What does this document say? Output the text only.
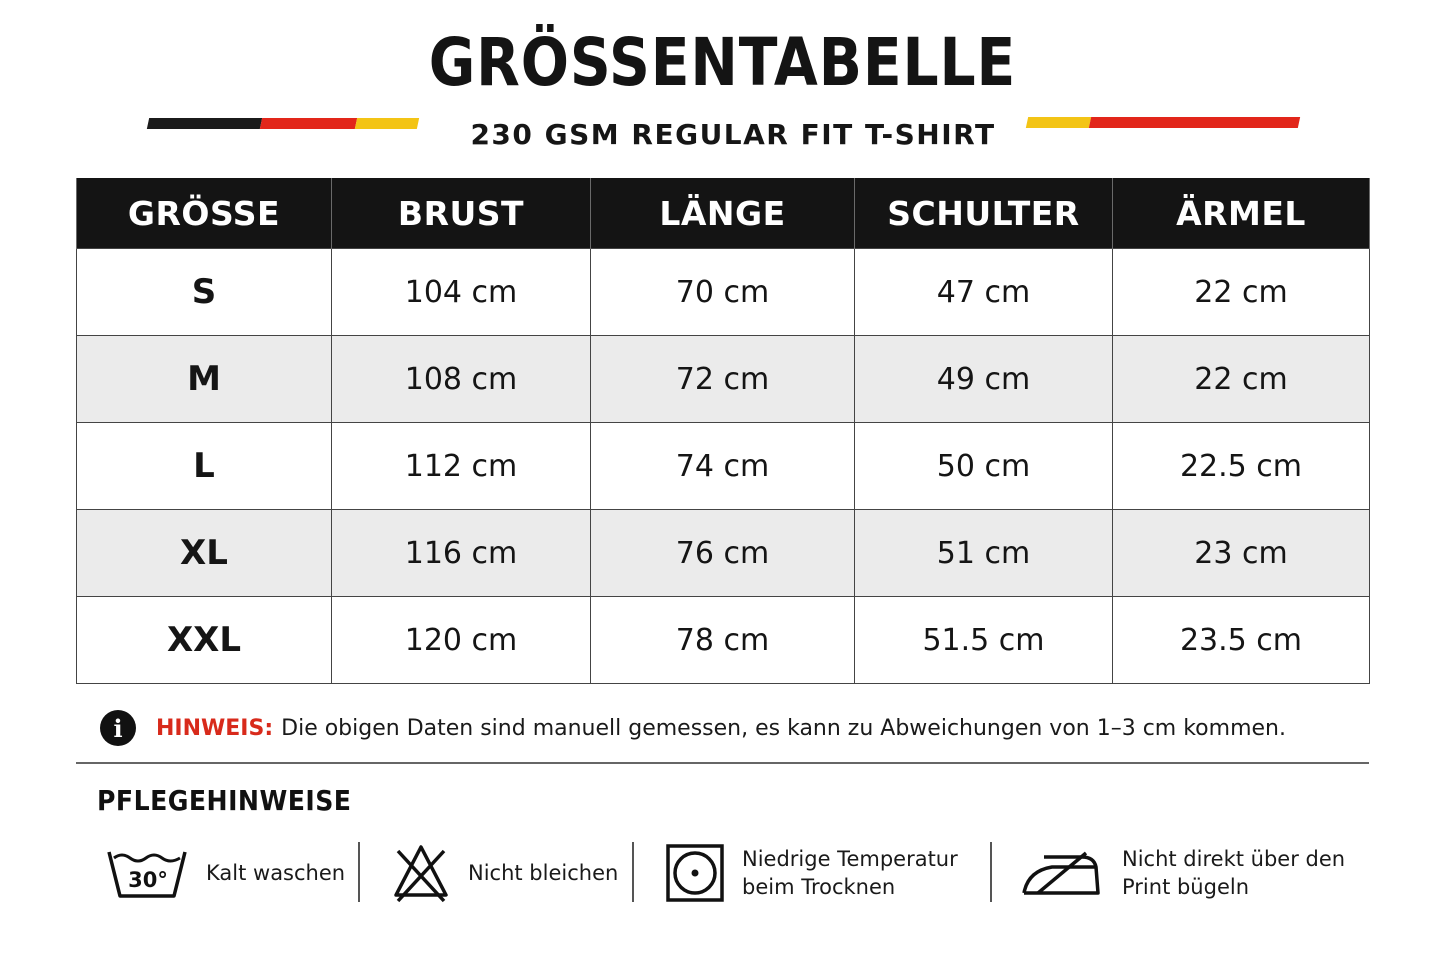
GRÖSSENTABELLE
230 GSM REGULAR FIT T-SHIRT
GRÖSSE	BRUST	LÄNGE	SCHULTER	ÄRMEL
S	104 cm	70 cm	47 cm	22 cm
M	108 cm	72 cm	49 cm	22 cm
L	112 cm	74 cm	50 cm	22.5 cm
XL	116 cm	76 cm	51 cm	23 cm
XXL	120 cm	78 cm	51.5 cm	23.5 cm
i	HINWEIS: Die obigen Daten sind manuell gemessen, es kann zu Abweichungen von 1–3 cm kommen.
PFLEGEHINWEISE
30° Kalt waschen	Nicht bleichen
Niedrige Temperatur
beim Trocknen
Nicht direkt über den
Print bügeln
